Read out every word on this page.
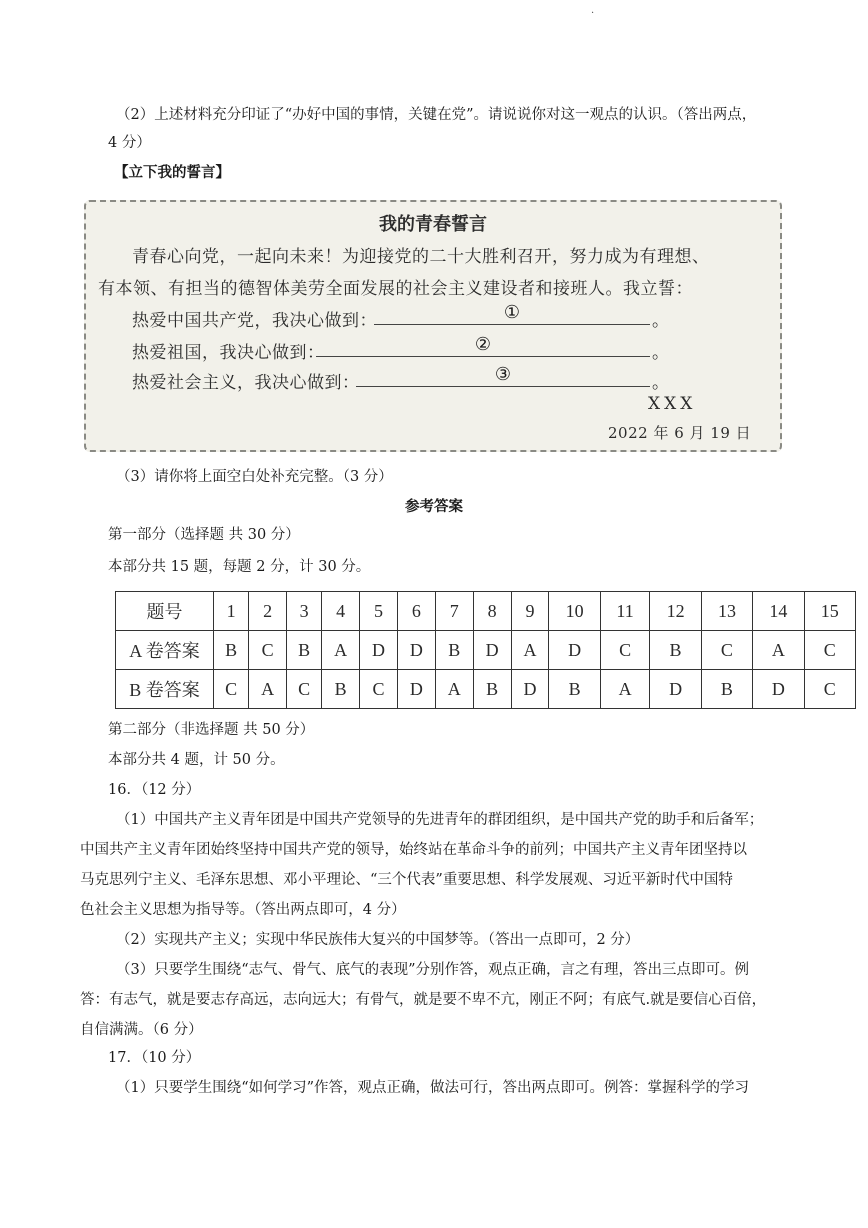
·
（2）上述材料充分印证了“办好中国的事情，关键在党”。请说说你对这一观点的认识。（答出两点，
4 分）
【立下我的誓言】
我的青春誓言
青春心向党，一起向未来！为迎接党的二十大胜利召开，努力成为有理想、
有本领、有担当的德智体美劳全面发展的社会主义建设者和接班人。我立誓：
热爱中国共产党，我决心做到：	①	。
热爱祖国，我决心做到：	②	。
热爱社会主义，我决心做到：	③	。
XXX
2022 年 6 月 19 日
（3）请你将上面空白处补充完整。（3 分）
参考答案
第一部分（选择题 共 30 分）
本部分共 15 题，每题 2 分，计 30 分。
题号	1	2	3	4	5	6	7	8	9	10	11	12	13	14	15
A 卷答案	B	C	B	A	D	D	B	D	A	D	C	B	C	A	C
B 卷答案	C	A	C	B	C	D	A	B	D	B	A	D	B	D	C
第二部分（非选择题 共 50 分）
本部分共 4 题，计 50 分。
16．（12 分）
（1）中国共产主义青年团是中国共产党领导的先进青年的群团组织，是中国共产党的助手和后备军；
中国共产主义青年团始终坚持中国共产党的领导，始终站在革命斗争的前列；中国共产主义青年团坚持以
马克思列宁主义、毛泽东思想、邓小平理论、“三个代表”重要思想、科学发展观、习近平新时代中国特
色社会主义思想为指导等。（答出两点即可，4 分）
（2）实现共产主义；实现中华民族伟大复兴的中国梦等。（答出一点即可，2 分）
（3）只要学生围绕“志气、骨气、底气的表现”分别作答，观点正确，言之有理，答出三点即可。例
答：有志气，就是要志存高远，志向远大；有骨气，就是要不卑不亢，刚正不阿；有底气.就是要信心百倍，
自信满满。（6 分）
17．（10 分）
（1）只要学生围绕“如何学习”作答，观点正确，做法可行，答出两点即可。例答：掌握科学的学习
